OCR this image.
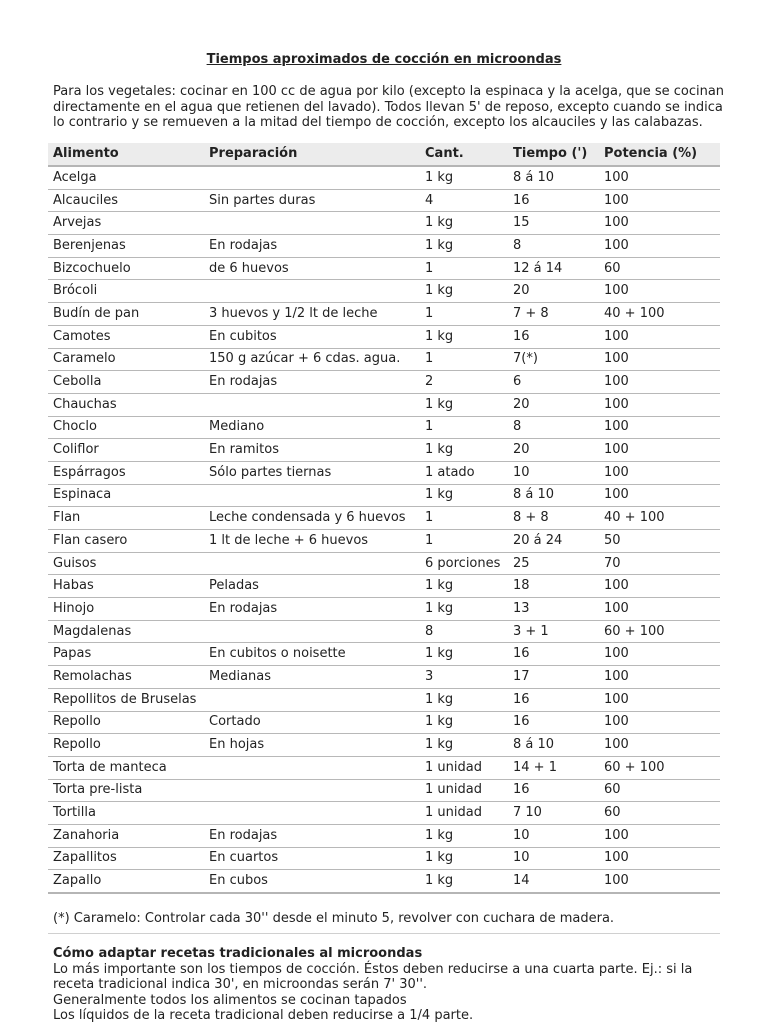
Tiempos aproximados de cocción en microondas
Para los vegetales: cocinar en 100 cc de agua por kilo (excepto la espinaca y la acelga, que se cocinan
directamente en el agua que retienen del lavado). Todos llevan 5' de reposo, excepto cuando se indica
lo contrario y se remueven a la mitad del tiempo de cocción, excepto los alcauciles y las calabazas.
Alimento	Preparación	Cant.	Tiempo (')	Potencia (%)
Acelga		1 kg	8 á 10	100
Alcauciles	Sin partes duras	4	16	100
Arvejas		1 kg	15	100
Berenjenas	En rodajas	1 kg	8	100
Bizcochuelo	de 6 huevos	1	12 á 14	60
Brócoli		1 kg	20	100
Budín de pan	3 huevos y 1/2 lt de leche	1	7 + 8	40 + 100
Camotes	En cubitos	1 kg	16	100
Caramelo	150 g azúcar + 6 cdas. agua.	1	7(*)	100
Cebolla	En rodajas	2	6	100
Chauchas		1 kg	20	100
Choclo	Mediano	1	8	100
Coliflor	En ramitos	1 kg	20	100
Espárragos	Sólo partes tiernas	1 atado	10	100
Espinaca		1 kg	8 á 10	100
Flan	Leche condensada y 6 huevos	1	8 + 8	40 + 100
Flan casero	1 lt de leche + 6 huevos	1	20 á 24	50
Guisos		6 porciones	25	70
Habas	Peladas	1 kg	18	100
Hinojo	En rodajas	1 kg	13	100
Magdalenas		8	3 + 1	60 + 100
Papas	En cubitos o noisette	1 kg	16	100
Remolachas	Medianas	3	17	100
Repollitos de Bruselas		1 kg	16	100
Repollo	Cortado	1 kg	16	100
Repollo	En hojas	1 kg	8 á 10	100
Torta de manteca		1 unidad	14 + 1	60 + 100
Torta pre-lista		1 unidad	16	60
Tortilla		1 unidad	7 10	60
Zanahoria	En rodajas	1 kg	10	100
Zapallitos	En cuartos	1 kg	10	100
Zapallo	En cubos	1 kg	14	100
(*) Caramelo: Controlar cada 30'' desde el minuto 5, revolver con cuchara de madera.
Cómo adaptar recetas tradicionales al microondas
Lo más importante son los tiempos de cocción. Éstos deben reducirse a una cuarta parte. Ej.: si la
receta tradicional indica 30', en microondas serán 7' 30''.
Generalmente todos los alimentos se cocinan tapados
Los líquidos de la receta tradicional deben reducirse a 1/4 parte.
